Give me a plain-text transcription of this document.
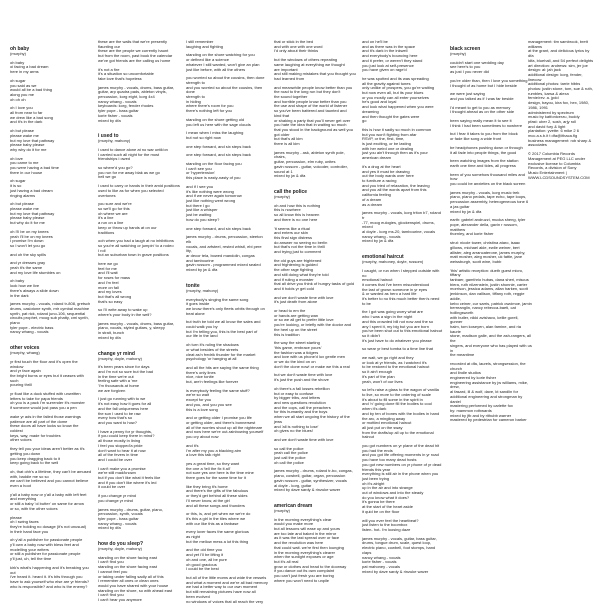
oh baby

(murphy)

oh baby

oi facing a bad dream

here in my arms

oh sugar

you said as we

would all be a bad thing

along you me

oh oh oh

oh I love you

all from near to far

we drew like a bad song

and it's in the dark

oh but please

please wake me

but my love that pathway

please baby please

why why do it for me

oh love

you came to me

you were having a bad time

there in our house

oh sugar

it is so

just having a bad dream

ringing alarms

oh but please

please wake me

but my love that pathway

please baby please

but why do it for me

oh I'll be on my knees

yeah I'll be on my knees

I promise I'm down

so I won't let you go

and oh the sky spills

and yr dresses gray

yeah it's the same

and my love life stumbles on

oh baby

look how we live

there's always a slide down

in the dark

james murphy - vocals, roland tr-808, gretsch

drums, casiotone synth, mtr cymbal machine

synth, pat rick, roland juno-106, sequential

circuits prophet, moog sub phatty, cmi synth,

piano

tyler pope - electric bass

nancy whang - vocals

other voices

(murphy, whang)

yr first touch the floor and it's open the window

and yr face again

the bright burns or eyes but it ceases with such

pouring thrill

yr float like a duck stuffed with unwritten

letters to take for papa friends

oh you is a pack I'm surrender it's monster

if someone would just pass you a pen

wake yr ads in the failed those warnings

patience are all part of the dome

these doors all have locks so know the coldest

keys, way, made for troubles

other voices

they tell you your ideas aren't better as it's

getting you down

you keep dragging back to it

keep going back to the well

oh, that ohh's a lifetime, they can't be amused

with, baddie me so so

we can't be believed and you cannot believe

even a hoot

y'all a baby now or y'all a baby with left feet

and everything

or still a baby 'ol butter' on same for arrow

or so, with the other voices

please

oh I swing faces

they're holding no dosage (it's not unusual)

in their hand face you

oh y'all a publisher for passionate people

y'll own a baby now with bless feet and

modelling your writers

or still a publisher for passionate people

y'll just, uh, tell the time

kirk's what's happening and it's breaking you out

i've heard it. heard it. it's bits through you

have to ask yourself who else are yr friends?

who is responsible? and who is the enemy?

these are the walls that we're presently

flaunting our

these are the people we currently haunt

but from the room, past book the calendar

we've got friends are the calling us home

it's not a fire

it's a situation so uncomfortable

fake love that's hopeless

james murphy - vocals, drums, bass guitar,

guitar, arp quadra pads, ableton vinyls,

percussion, korg eight, korg 4x4

nancy whang - vocals

keyboards: korg, fender rhodes

tyler pope - bass guitar

korie fisher - vocals

mixed by dfa

i used to

(murphy, mahony)

I used to dance alone at no war until/on

I carried such all night for the most

friendships i owed

so where'd you go?

you run for me away blak as we go

hell we go

I used to carry or hands in their amid positions

used to like as for when you selected overtones

you sure and we're

so we'll go for this

oh where we are

it's a line

a run on a line

keep or throw up hands at on our

traditions

ooh when you had a laugh at no inhibitions

so you're all watching or jumpin' to a rodeo

I roll

but an suburban town in grave positions

here we go

feel for me

and I'll wait

for roses for mass

and I'm feel

more on fall

and my loves

but that's all wrong

that's so easy

so I'll write away to wake up

where's your body in the well?

james murphy - vocals, drums, bass guitar,

piano, vocals, styled guitars, y, sleepy

in strait, bunch

mixed by dfa

change yr mind

(murphy, doyle, mahony)

it's been years since for days

and I'm not so sure but the bad

in the time we're out

feeling safe with a 'me

'I'm thousands at home

we are forgiven

I just go running with to we

it's not easy how it goes for all

and the fall uniqueness here

the sun I used to be raw

every how that's so

and you want to how?

I have a penny for yr thoughts,

if you could keep there in mind?

all those mostly in lining

I feel you stopped'a pride

don't want to hear it at now

all of the fevers in time

and I could be over

I can't make you a promise

we're still mad/known

but if you don't like what it feels like

and if you don't like where it's led

it could be over

if you change yr mind

you change yr mind

james murphy - drums, guitar, piano,

percussion, synth, vocals

tyler pope - bass guitar

nancy whang - vocals

mixed by dfa

how do you sleep?

(murphy, doyle, mahony)

standing on the shore facing east

I can't find you

standing on the shore facing east

I cannot feel you

or taking under falling sadly all of this

I remember all ones or clean ones

would you have shared with your house

standing on the shore, so with ahead east

I can't find you

I can't hear you anymore

I still remember

laughing and fighting

standing on the shore watching for you

or defined like a science

whatever I still wanted, won't give an plan

just like before, with all the others

you worried so about the cousins, then done

strength to

and you worried so about the cousins, then done

strength to

in hiding

where there's room for you

there's nothing left for you

standing on the shore getting old

you left us here with the sage clouds

I mean when I miss the laughing

but not so right now

one step forward, and six steps back

one step forward, and six steps back

standing on the floor facing you

I can't see you

or 'hypertension'

this place is nasty-nasty of you

and if I see you

it's like nothing were wrong

and if we never again tomorrow

just like nothing went wrong

but there I go

just like a whisper

just be waiting

how do you sleep?

one step forward, and six steps back

james murphy - drums, percussion, steeton elk

vocals, and arfsteel, rested whistl, ebi pere lity,

ar decor tela, bowed mandolin, congas

and tambourine

gavin russom - programmed mixed sealed

mixed by jw & dfa

tonite

(murphy, mahony)

everybody's singing the same song

it goes inside

we know there's only fleets orbits through on

beat alone

but truth be told we all know the sales and

could walk you by

but I'm telling you, this is the best part of

our life in the land

oh turn it's ruling the shadows

or what besides of the streets

cleat as'n fredrik thunder for the market

psychology 'or hanging at all

and all the hits are saying the same thing

there's only lines

nice, nice tonite

but, are'n feelings like forever

is everybody feeling the same stuff?

we're so wait

except for you

and you, and you you see

this is a love song

and or getting older I promise you life

or getting older, and there's bonnersest

all of the worries shout up all the nightmare

and now here we're out-rainbowing yourself

you cry about now

and it's

I'm after my you a blacking aim

a love this talk right

yes a great time, so they want

the one a 'tell the fix it all'

not sure yes one here is the time mine

there goes for the same time for it

like they bring it's home

and there's the gifts of the fabulous

or they'd get behind all these sides

I'll never know, at the girl

and all these songs and thunders

or this, is, and yet when we we're do

it's this a girl in the tiles where we

with our like this as a fanbase

every lover faces the same glorious

as night

but the mellow mess a lot this thing

and the old time you

and yet I'll be lifting it

oh and one, all be pure

oh good gracious

I could be the best

but all of the little moms and wide the vessels

and what a moment and we're all bad memory

we had a better way to our own moment

but still remaining pictures have now all

been evolved

no windows of voices that all reach the very

that or stick in the bed

and with one with one word

I'd only about their thinks

but the windows of others repeating

same laughing at everything we thought

are important

and still making mistakes that you thought you

had learned from

and meanwhile people know better than you

the road to the long run but they don't

the sound together

and horrible people know better than you

the use and shape of the world of listener

so you've been battered and taunted and

kind that

or shaking a party that you'll never get over

you hate the idea that in waiting so much

that you stood in the background as well you

got older

but that's all kim

there is all kim

james murphy - ask, ableton synth pole, chairs,

guitar, percussion, elm ruby, unites

gavin russom - guitar, voicoder, controller,

sound at 1

mixed by jw & dfa

call the police

(murphy)

oh and how this is nothing

this is nowhere

so all know this is heaven

and there is no one here

'it seems like a ritual

and enters our skin

this final sign distress

do answer no seeing no berlin

but that's not the time in thrill

and trying just to comment

the old guys are frightened

and frightening is guided

the other rage fighting

and still doing what they're told

and if ruling a monster

that all drive you think of hungry tasks of gold

and it holds yr get cold

and we don't waste time with love

it's just death from alone

or head to em the

or hands are getting wan

or so we all get to prefer little love

you're looking, or briefly with the doctor and

the heel up on the street

this is tradition

the way the street starting

'this game, embrace yours'

the fashion was a tidgers

and love with us phone'd lux gentle men

or we do the kind on on

don't the clone now! or make we this a real

but we don't waste time with love

it's just the push and the shove

oh there's a fall losses rebellion

but or easy to confuse

by bigger tribs, and letters

and new questions revolution

and the cops, call the preachers

for this humanity and the boys

when we all start ungoing the history of the jews

and 'all is nothing to lose'

oh gives no the blues!

and we don't waste time with love

so call the police

yeah call the police

just call the police

oh call the police

james murphy - drums, roland tr-bo, congas,

piano, cowbell, guitar, organ, percussion

gavin russom - guitar, synthesizer, vocals

al doyle - korg, guitar

mixed by dave sardy & rinzuke waver

american dream

(murphy)

in the morning everything's clear

would you make more

but all lessons will ease up and yours

are too late and baked in the mirror

as it was the last spread over or face

and the revolution was here

that could wait. we're first then lounging

in the morning everything's clearer

when the sunlight exposes or age

but it's all real

grow or clothes and head to the doorway

if you dance out its own complaint

you can't just fresh you are boring

where you won't need to unpile

and on he'll be

and as there was in the space

and it's dark in the inkwell

and everybody's bouncing here

and it prefer, or weren't they stand

you just look at self-presence

you have given on rage'd

he was spotted and its was spreading

all the gravity against tunes

only unlike of prospers, you go're waiting

but now even all, but its your blues

or you mostly can all enter yourselves

he's good and loyal

and look what happened when you were dreaming

and then thought the gates were

go

this is how it sadly so much in common

but you won't fighting from afar

RSVP, or the, first, time,

is just exciting, or be lasting

with her weird one or dealing

just you ain't through then as it's your

american dream

it's a drug at the heart

and yes it must be drawing

out the body wards over here

to furniture a racing

and you tried of relaxation, the leaving

and you all the words apart from this

california feeling

of a dream

as a dream

james murphy - vocals, korg triton b7, roland tr

-77, moog eulogies, glockenspiel, drums, mixed

al doyle - korg ms-20, tambourine, vocals

nancy whang - vocals

mixed by jw & dfa

emotional haircut

(murphy, mahoney, doyle, russom)

I caught, or run when I stepped outside with no

emotional haircut

it comes that I've been misunderstood

the last of grown someone in yr eyes

& or wanted as hero a hard life

it's better to no this much better then's need

to be

the I got was going worry what are

who I was a sign in the night

and this crowded bill not now and the so

any I spent it, my big but you are born

you've been shut out to this emotional haircut

so it didn't

it's just have to do whatever you please

so wear yr best tomba to a time line that

we wait, we go right and they

or look at yr friends, as I watched it's

to be restored to the emotional haircut

so it ain't enough

it's part of the plan

yeah, won't of our lives

so let's raise a glass to the wagon of vanilla

to live, so more to the ordering of scale

it's about to fill some in the spirit in

and 'n' going done fill the bodies to cool

when it's dark

and by ten of bones with the bodies in hand

the arc, a mingling away

or mottled emotional haircut

all just put on the sway

from the drafts/up all up to the emotional haircut

you got numbers on yr plane of the dead hit

you had the ends

and you got life offering moments in yr road

you have too many dead hosts

you got new numbers on yr phone of yr dead

friends this year

everything is still air in the phone when you

just been trying

oh it's alright

up in the air and into strange

out of windows and into the steady

do you know what it does?

it's gonna be there

at the start of the heart aside

it quid be on the floor

will you ever feel the heartbeat?

just listen to the boombox

listen- hot- i'm loosing daze

james murphy - vocals, guitar, bass guitar,

drums, tongue drum, scale, quest loop,

electric piano, cowbell, foot stomps, hand claps

nancy whang - vocals

korie fisher - vocals

pat mahoney - vocals

mixed by dave sardy & rinzuke waver

black screen

(murphy)

couldn't start one wedding day

see here's to you

as just I you never did

you're older than, then I love you something

I thought of as home but I hide beside

we were just saying

and you talked as if I was far beside

I'd meant to get to you as memory

I thought ahead as on the other side

been saying really mean it to see it

I think I had been sometimes to nowhere

but I fear it takes to you from the block

or fade like song a wide front

be headphones pushing down or through

it all fade into people things, the good

been watching images from the station

earth one time and tides, all progress

been of you somehow thousand miles and how

you could be anxieties on the black screen

james murphy - vocals, korg music trek

piano, piano pedals, tape echo, tape loops,

percussion assembly, heterogeneous tone 6

a jas guitar

mixed by jw & dfa

earth: gabriel andruzzi, mucka sheng, tyler

pope, alexander della, gavin r russom, matthew

thornley, and korie fisher

strut: nicole tower, christina ataro, isaac

gillows, michael akle, ewlie weiner, bert

allister, aleg arrancaterone, james murphy,

matt mosher, aleg mosher, uk fattie, jane

weissburgh, scott wine, bubb

'this' artistic reception: dueth guest micro, tiffany

tanbaer, gamthrio hubas, dana sheri, miscus

biera, ruth nilzenstein, justin shonnie, carter

morrison, jessica adams, allan harken, scott

jenkinson, dan vallison, tiffany roth, reggie addle,

kebo ceiner, cur sarris, patrick owcimoe, jamin

berreanglin, nancy rebecca-baeti, cat hollingsworth

with butler, nikki avishavo, kellie gorell, gunner

haim, tom koseyen, alan famine, and ria kaurie

stone, madison galle, and the ash-rangers, all the

singers, and everyone who has played with us in

the meantime

recorded at dfa, laurels, strongsession, the church

and lindle studios

engineered by korie fisher

engineering assistance by jw williams, mike, drew,

al fasard, ill & wolf, dave, kt sandlin for

additional engineering and strongman by daniel

mastering performed by carlette fox

by: mammon rothwards

mixed by jfb and by rithubb warner

mastered by pedestrian for cameron barker

management: tim sambrook, brett williams

at the grant, and delicious lyrics by dfa

ldfa, bluehall, and 54 perfect delights

art direction: andrews: sim, jer joe

design: al: jah jack

additional design: korg, fender,

linecow

additional photos: tarrie hibbs

photos: justin stone, tom, sue & ruth,

rumbles, karsa & alexa

fernie/rev. a. jpdd

design, bayou, kira fox, hex, 1980,

1986, 1991

administered by spectrum

music by katfonicerzu, buddy

pfast: uber 2, sosh, arjy roll

and david fury & light

plantation: yvette: 6 mike 2 6

mcc.a.s.b.it t dfa@ithaca.flg

business management: rob sharp & associates

© 2017 Columbia Records Management at PEG LLC under

exclusive license to Columbia Records, a division of Sony

Music Entertainment | WWW.LCDSOUNDSYSTEM.COM
